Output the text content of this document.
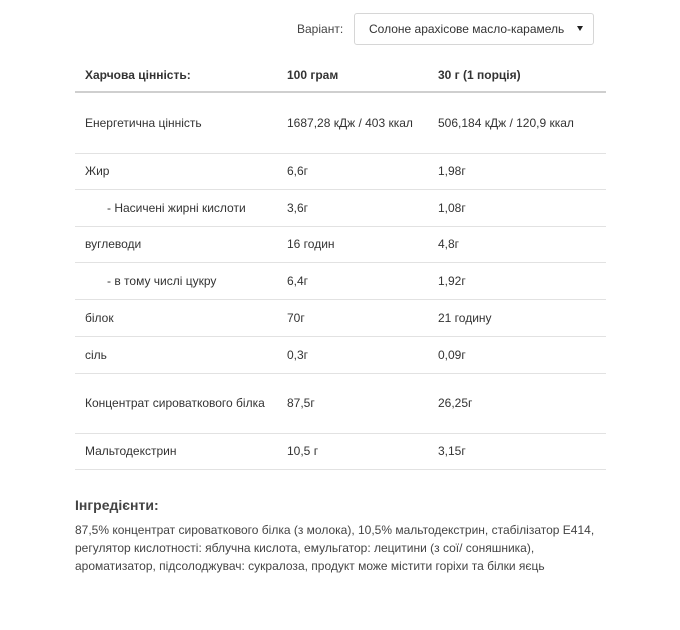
Варіант:	Солоне арахісове масло-карамель
Харчова цінність:	100 грам	30 г (1 порція)
Енергетична цінність	1687,28 кДж / 403 ккал	506,184 кДж / 120,9 ккал
Жир	6,6г	1,98г
- Насичені жирні кислоти	3,6г	1,08г
вуглеводи	16 годин	4,8г
- в тому числі цукру	6,4г	1,92г
білок	70г	21 годину
сіль	0,3г	0,09г
Концентрат сироваткового білка	87,5г	26,25г
Мальтодекстрин	10,5 г	3,15г
Інгредієнти:
87,5% концентрат сироваткового білка (з молока), 10,5% мальтодекстрин, стабілізатор E414, регулятор кислотності: яблучна кислота, емульгатор: лецитини (з сої/ соняшника), ароматизатор, підсолоджувач: сукралоза, продукт може містити горіхи та білки яєць
